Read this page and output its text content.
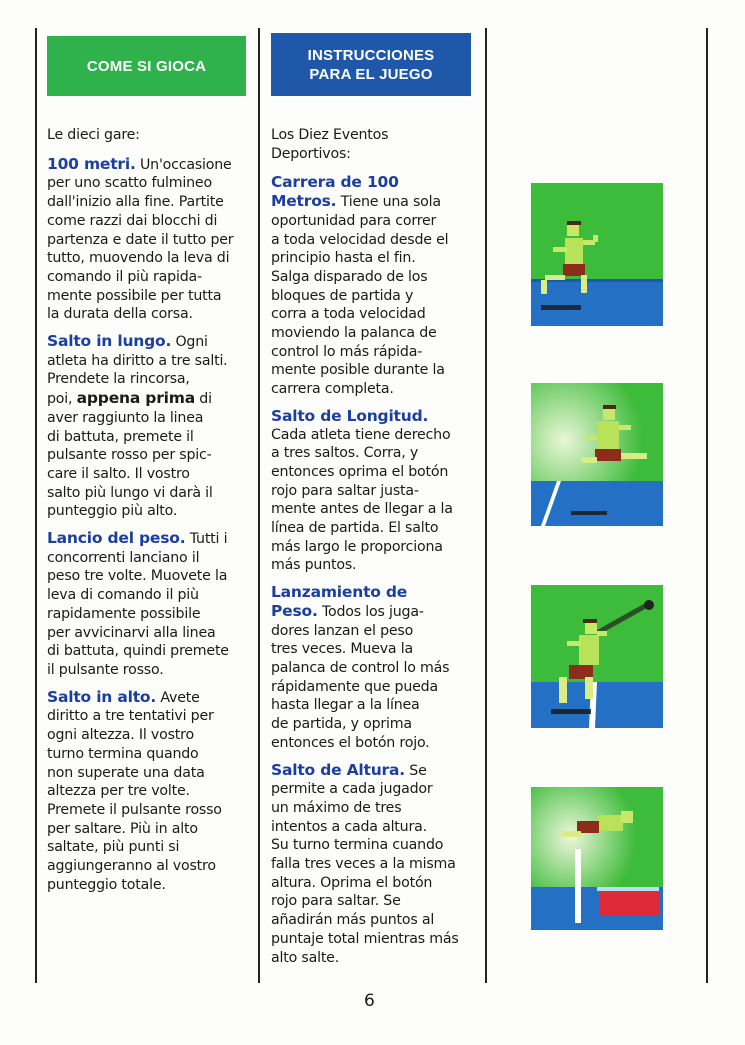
COME SI GIOCA
INSTRUCCIONES
PARA EL JUEGO

Le dieci gare:

100 metri. Un'occasione
per uno scatto fulmineo
dall'inizio alla fine. Partite
come razzi dai blocchi di
partenza e date il tutto per
tutto, muovendo la leva di
comando il più rapida-
mente possibile per tutta
la durata della corsa.

Salto in lungo. Ogni
atleta ha diritto a tre salti.
Prendete la rincorsa,
poi, appena prima di
aver raggiunto la linea
di battuta, premete il
pulsante rosso per spic-
care il salto. Il vostro
salto più lungo vi darà il
punteggio più alto.

Lancio del peso. Tutti i
concorrenti lanciano il
peso tre volte. Muovete la
leva di comando il più
rapidamente possibile
per avvicinarvi alla linea
di battuta, quindi premete
il pulsante rosso.

Salto in alto. Avete
diritto a tre tentativi per
ogni altezza. Il vostro
turno termina quando
non superate una data
altezza per tre volte.
Premete il pulsante rosso
per saltare. Più in alto
saltate, più punti si
aggiungeranno al vostro
punteggio totale.

Los Diez Eventos
Deportivos:

Carrera de 100
Metros. Tiene una sola
oportunidad para correr
a toda velocidad desde el
principio hasta el fin.
Salga disparado de los
bloques de partida y
corra a toda velocidad
moviendo la palanca de
control lo más rápida-
mente posible durante la
carrera completa.

Salto de Longitud.
Cada atleta tiene derecho
a tres saltos. Corra, y
entonces oprima el botón
rojo para saltar justa-
mente antes de llegar a la
línea de partida. El salto
más largo le proporciona
más puntos.

Lanzamiento de
Peso. Todos los juga-
dores lanzan el peso
tres veces. Mueva la
palanca de control lo más
rápidamente que pueda
hasta llegar a la línea
de partida, y oprima
entonces el botón rojo.

Salto de Altura. Se
permite a cada jugador
un máximo de tres
intentos a cada altura.
Su turno termina cuando
falla tres veces a la misma
altura. Oprima el botón
rojo para saltar. Se
añadirán más puntos al
puntaje total mientras más
alto salte.

6
